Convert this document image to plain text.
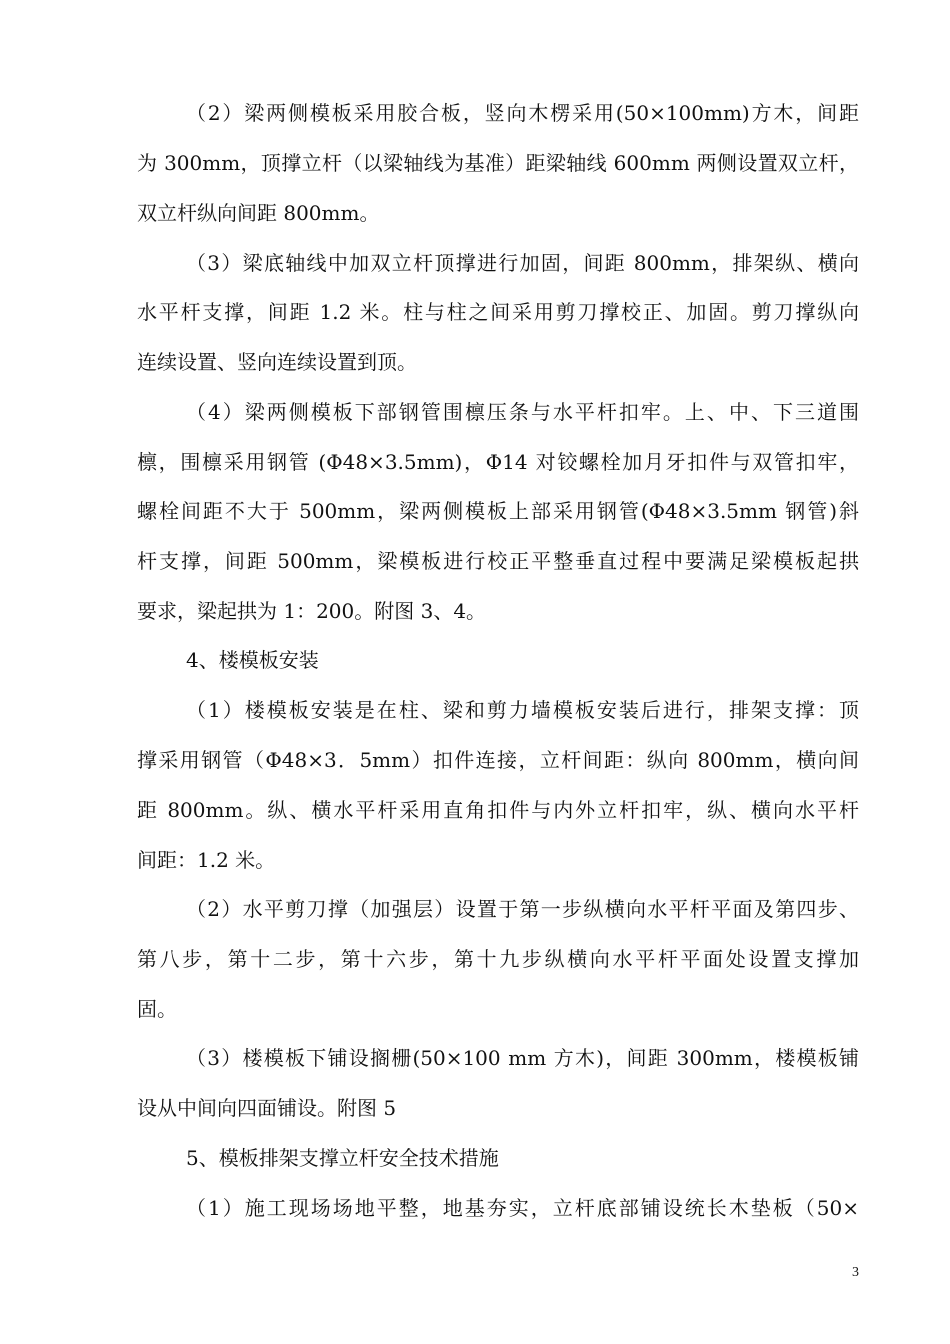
（2）梁两侧模板采用胶合板，竖向木楞采用(50×100mm)方木，间距
为 300mm，顶撑立杆（以梁轴线为基准）距梁轴线 600mm 两侧设置双立杆，
双立杆纵向间距 800mm。
（3）梁底轴线中加双立杆顶撑进行加固，间距 800mm，排架纵、横向
水平杆支撑，间距 1.2 米。柱与柱之间采用剪刀撑校正、加固。剪刀撑纵向
连续设置、竖向连续设置到顶。
（4）梁两侧模板下部钢管围檩压条与水平杆扣牢。上、中、下三道围
檩，围檩采用钢管 (Φ48×3.5mm)，Φ14 对铰螺栓加月牙扣件与双管扣牢，
螺栓间距不大于 500mm，梁两侧模板上部采用钢管(Φ48×3.5mm 钢管)斜
杆支撑，间距 500mm，梁模板进行校正平整垂直过程中要满足梁模板起拱
要求，梁起拱为 1：200。附图 3、4。
4、楼模板安装
（1）楼模板安装是在柱、梁和剪力墙模板安装后进行，排架支撑：顶
撑采用钢管（Φ48×3．5mm）扣件连接，立杆间距：纵向 800mm，横向间
距 800mm。纵、横水平杆采用直角扣件与内外立杆扣牢，纵、横向水平杆
间距：1.2 米。
（2）水平剪刀撑（加强层）设置于第一步纵横向水平杆平面及第四步、
第八步，第十二步，第十六步，第十九步纵横向水平杆平面处设置支撑加
固。
（3）楼模板下铺设搁栅(50×100 mm 方木)，间距 300mm，楼模板铺
设从中间向四面铺设。附图 5
5、模板排架支撑立杆安全技术措施
（1）施工现场场地平整，地基夯实，立杆底部铺设统长木垫板（50×
3
